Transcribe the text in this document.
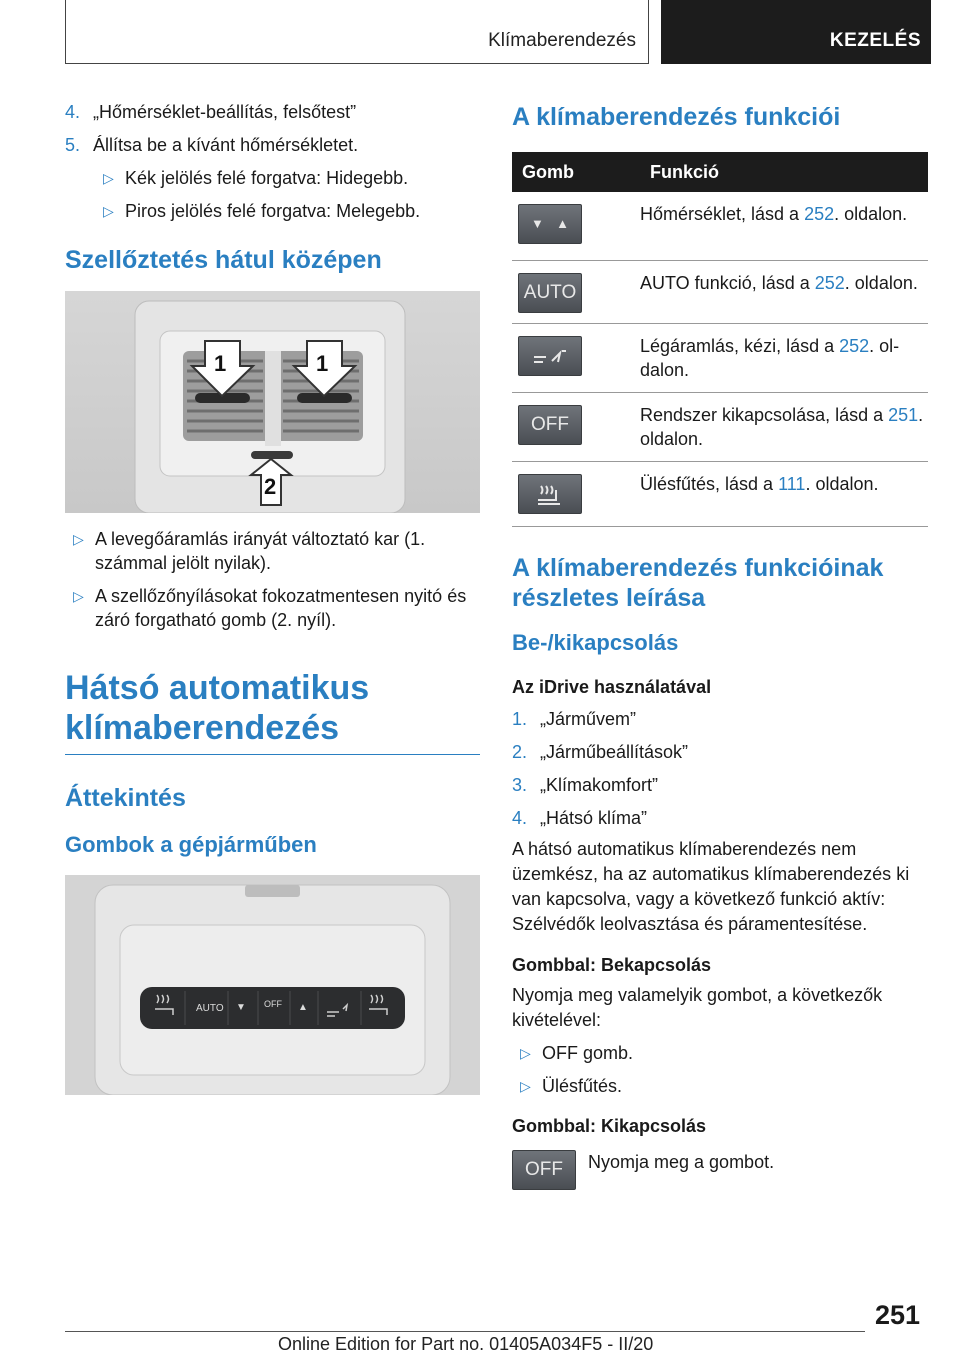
Klímaberendezés	KEZELÉS
4. „Hőmérséklet-beállítás, felsőtest”
5. Állítsa be a kívánt hőmérsékletet.
▷ Kék jelölés felé forgatva: Hidegebb.
▷ Piros jelölés felé forgatva: Melegebb.
Szellőztetés hátul középen
1	1
2
▷ A levegőáramlás irányát változtató kar (1. számmal jelölt nyilak).
▷ A szellőzőnyílásokat fokozatmentesen nyitó és záró forgatható gomb (2. nyíl).
Hátsó automatikus klímaberendezés
Áttekintés
Gombok a gépjárműben
AUTO ▼ OFF ▲
A klímaberendezés funkciói
Gomb	Funkció

▼ ▲	Hőmérséklet, lásd a 252. oldalon.
AUTO	AUTO funkció, lásd a 252. oldalon.
	Légáramlás, kézi, lásd a 252. oldalon.
OFF	Rendszer kikapcsolása, lásd a 251. oldalon.
	Ülésfűtés, lásd a 111. oldalon.
A klímaberendezés funkcióinak részletes leírása
Be-/kikapcsolás
Az iDrive használatával
1. „Járművem”
2. „Járműbeállítások”
3. „Klímakomfort”
4. „Hátsó klíma”
A hátsó automatikus klímaberendezés nem üzemkész, ha az automatikus klímaberendezés ki van kapcsolva, vagy a következő funkció aktív: Szélvédők leolvasztása és páramentesítése.
Gombbal: Bekapcsolás
Nyomja meg valamelyik gombot, a következők kivételével:
▷ OFF gomb.
▷ Ülésfűtés.
Gombbal: Kikapcsolás
OFF	Nyomja meg a gombot.
251
Online Edition for Part no. 01405A034F5 - II/20
